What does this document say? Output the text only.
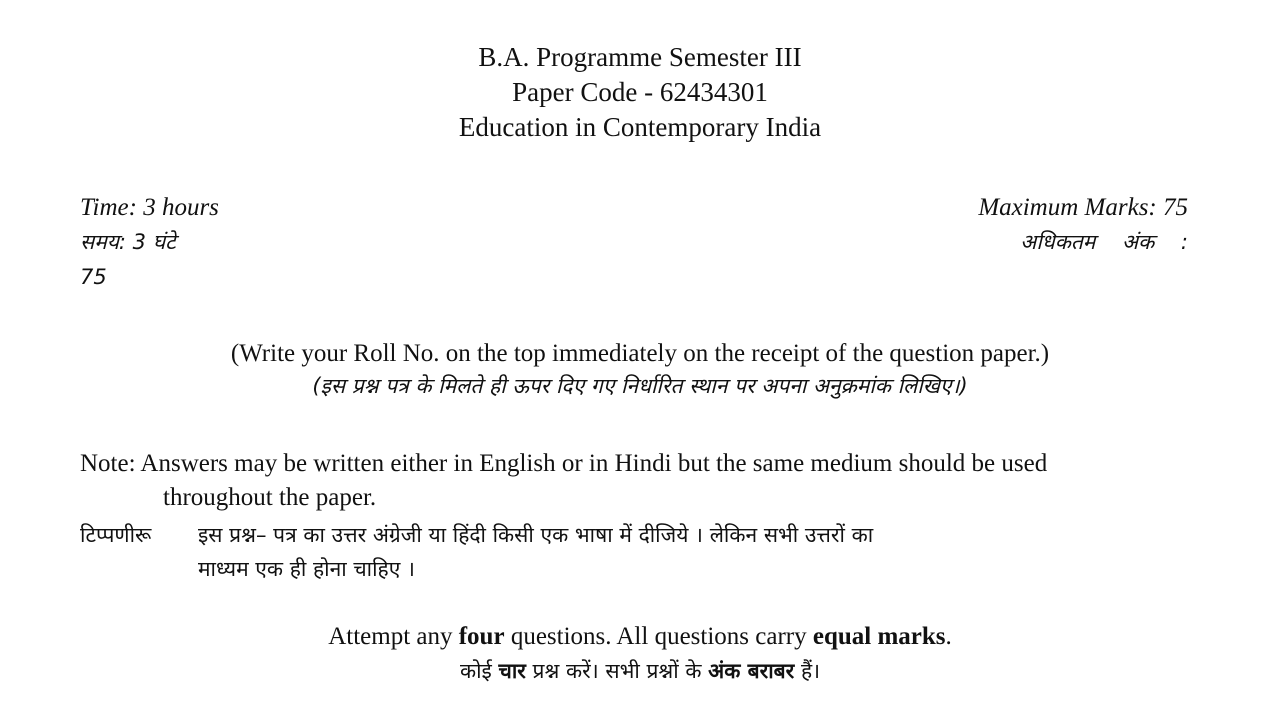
B.A. Programme Semester III
Paper Code - 62434301
Education in Contemporary India
Time: 3 hours
समय: 3 घंटे
75
Maximum Marks: 75
अधिकतम    अंक    :
(Write your Roll No. on the top immediately on the receipt of the question paper.)
(इस प्रश्न पत्र के मिलते ही ऊपर दिए गए निर्धारित स्थान पर अपना अनुक्रमांक लिखिए।)
Note: Answers may be written either in English or in Hindi but the same medium should be used
throughout the paper.
टिप्पणीरू इस प्रश्न– पत्र का उत्तर अंग्रेजी या हिंदी किसी एक भाषा में दीजिये । लेकिन सभी उत्तरों का
माध्यम एक ही होना चाहिए ।
Attempt any four questions. All questions carry equal marks.
कोई चार प्रश्न करें। सभी प्रश्नों के अंक बराबर हैं।
